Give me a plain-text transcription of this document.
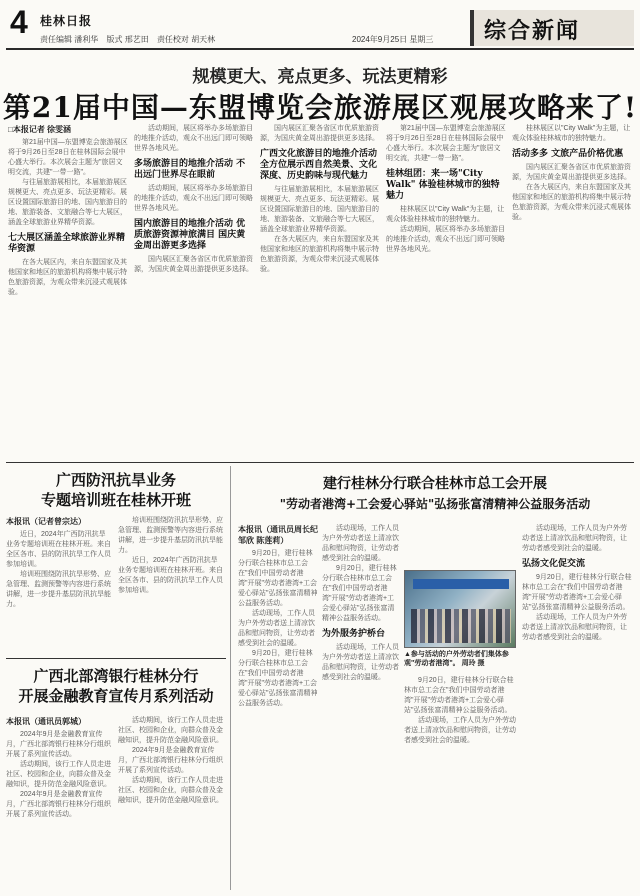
4 桂林日报
责任编辑 潘利华 版式 邢艺田 责任校对 胡天林	2024年9月25日 星期三 综合新闻
规模更大、亮点更多、玩法更精彩
第21届中国—东盟博览会旅游展区观展攻略来了!
□本报记者 徐雯涵

第21届中国—东盟博览会旅游展区将于9月26日至28日在桂林国际会展中心盛大举行。本次展会主题为"旅居文明交流，共建"一带一路"。

与往届旅游展相比，本届旅游展区规模更大、亮点更多、玩法更精彩。展区设置国际旅游目的地、国内旅游目的地、旅游装备、文旅融合等七大展区，涵盖全球旅游业界精华资源。

七大展区涵盖全球旅游业界精华资源

在各大展区内，来自东盟国家及其他国家和地区的旅游机构将集中展示特色旅游资源，为观众带来沉浸式观展体验。

活动期间，展区将举办多场旅游目的地推介活动，观众不出远门即可领略世界各地风光。

多场旅游目的地推介活动 不出远门世界尽在眼前

活动期间，展区将举办多场旅游目的地推介活动，观众不出远门即可领略世界各地风光。

国内旅游目的地推介活动 优质旅游资源神旅满目 国庆黄金周出游更多选择

国内展区汇聚各省区市优质旅游资源，为国庆黄金周出游提供更多选择。

国内展区汇聚各省区市优质旅游资源，为国庆黄金周出游提供更多选择。

广西文化旅游目的地推介活动 全方位展示西自然美景、文化深度、历史韵味与现代魅力

与往届旅游展相比，本届旅游展区规模更大、亮点更多、玩法更精彩。展区设置国际旅游目的地、国内旅游目的地、旅游装备、文旅融合等七大展区，涵盖全球旅游业界精华资源。

在各大展区内，来自东盟国家及其他国家和地区的旅游机构将集中展示特色旅游资源，为观众带来沉浸式观展体验。

第21届中国—东盟博览会旅游展区将于9月26日至28日在桂林国际会展中心盛大举行。本次展会主题为"旅居文明交流，共建"一带一路"。

桂林组团：来一场"City Walk" 体验桂林城市的独特魅力

桂林展区以"City Walk"为主题，让观众体验桂林城市的独特魅力。

活动期间，展区将举办多场旅游目的地推介活动，观众不出远门即可领略世界各地风光。

桂林展区以"City Walk"为主题，让观众体验桂林城市的独特魅力。

活动多多 文旅产品价格优惠

国内展区汇聚各省区市优质旅游资源，为国庆黄金周出游提供更多选择。

在各大展区内，来自东盟国家及其他国家和地区的旅游机构将集中展示特色旅游资源，为观众带来沉浸式观展体验。

广西防汛抗旱业务
专题培训班在桂林开班
本报讯（记者曾宗达）

近日，2024年广西防汛抗旱业务专题培训班在桂林开班。来自全区各市、县的防汛抗旱工作人员参加培训。

培训班围绕防汛抗旱形势、应急管理、监测预警等内容进行系统讲解，进一步提升基层防汛抗旱能力。

培训班围绕防汛抗旱形势、应急管理、监测预警等内容进行系统讲解，进一步提升基层防汛抗旱能力。

近日，2024年广西防汛抗旱业务专题培训班在桂林开班。来自全区各市、县的防汛抗旱工作人员参加培训。

广西北部湾银行桂林分行
开展金融教育宣传月系列活动
本报讯（通讯员郭城）

2024年9月是金融教育宣传月，广西北部湾银行桂林分行组织开展了系列宣传活动。

活动期间，该行工作人员走进社区、校园和企业，向群众普及金融知识，提升防范金融风险意识。

2024年9月是金融教育宣传月，广西北部湾银行桂林分行组织开展了系列宣传活动。

活动期间，该行工作人员走进社区、校园和企业，向群众普及金融知识，提升防范金融风险意识。

2024年9月是金融教育宣传月，广西北部湾银行桂林分行组织开展了系列宣传活动。

活动期间，该行工作人员走进社区、校园和企业，向群众普及金融知识，提升防范金融风险意识。

建行桂林分行联合桂林市总工会开展
"劳动者港湾+工会爱心驿站"弘扬张富清精神公益服务活动
本报讯（通讯员周长纪 邹欣 陈莲莉）

9月20日，建行桂林分行联合桂林市总工会在"我们中国劳动者港湾"开展"劳动者港湾+工会爱心驿站"弘扬张富清精神公益服务活动。

活动现场，工作人员为户外劳动者送上清凉饮品和慰问物资，让劳动者感受到社会的温暖。

9月20日，建行桂林分行联合桂林市总工会在"我们中国劳动者港湾"开展"劳动者港湾+工会爱心驿站"弘扬张富清精神公益服务活动。

活动现场，工作人员为户外劳动者送上清凉饮品和慰问物资，让劳动者感受到社会的温暖。

9月20日，建行桂林分行联合桂林市总工会在"我们中国劳动者港湾"开展"劳动者港湾+工会爱心驿站"弘扬张富清精神公益服务活动。

为外服务护桥台

活动现场，工作人员为户外劳动者送上清凉饮品和慰问物资，让劳动者感受到社会的温暖。

▲参与活动的户外劳动者们集体参观"劳动者港湾"。 周玲 摄

9月20日，建行桂林分行联合桂林市总工会在"我们中国劳动者港湾"开展"劳动者港湾+工会爱心驿站"弘扬张富清精神公益服务活动。

活动现场，工作人员为户外劳动者送上清凉饮品和慰问物资，让劳动者感受到社会的温暖。

活动现场，工作人员为户外劳动者送上清凉饮品和慰问物资，让劳动者感受到社会的温暖。

弘扬文化促交流

9月20日，建行桂林分行联合桂林市总工会在"我们中国劳动者港湾"开展"劳动者港湾+工会爱心驿站"弘扬张富清精神公益服务活动。

活动现场，工作人员为户外劳动者送上清凉饮品和慰问物资，让劳动者感受到社会的温暖。
